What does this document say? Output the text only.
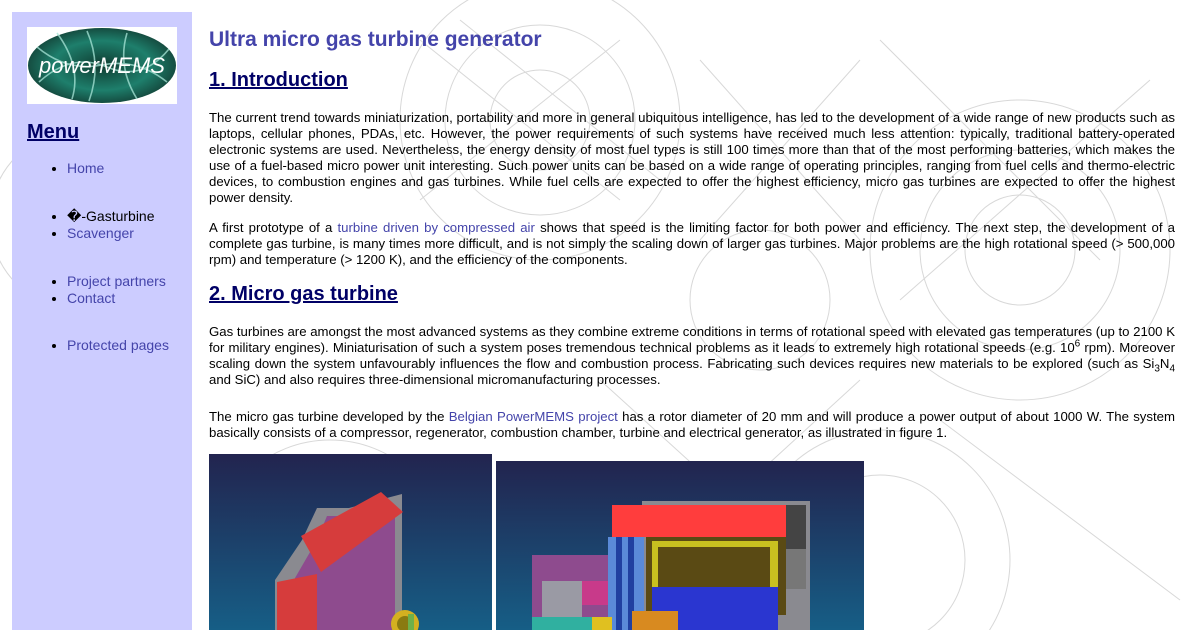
powerMEMS
Menu
• Home
• �-Gasturbine
• Scavenger
• Project partners
• Contact
• Protected pages
Ultra micro gas turbine generator
1. Introduction

The current trend towards miniaturization, portability and more in general ubiquitous intelligence, has led to the development of a wide range of new products such as laptops, cellular phones, PDAs, etc. However, the power requirements of such systems have received much less attention: typically, traditional battery-operated electronic systems are used. Nevertheless, the energy density of most fuel types is still 100 times more than that of the most performing batteries, which makes the use of a fuel-based micro power unit interesting. Such power units can be based on a wide range of operating principles, ranging from fuel cells and thermo-electric devices, to combustion engines and gas turbines. While fuel cells are expected to offer the highest efficiency, micro gas turbines are expected to offer the highest power density.

A first prototype of a turbine driven by compressed air shows that speed is the limiting factor for both power and efficiency. The next step, the development of a complete gas turbine, is many times more difficult, and is not simply the scaling down of larger gas turbines. Major problems are the high rotational speed (> 500,000 rpm) and temperature (> 1200 K), and the efficiency of the components.

2. Micro gas turbine

Gas turbines are amongst the most advanced systems as they combine extreme conditions in terms of rotational speed with elevated gas temperatures (up to 2100 K for military engines). Miniaturisation of such a system poses tremendous technical problems as it leads to extremely high rotational speeds (e.g. $10^6$ rpm). Moreover scaling down the system unfavourably influences the flow and combustion process. Fabricating such devices requires new materials to be explored (such as $Si_3N_4$ and SiC) and also requires three-dimensional micromanufacturing processes.

The micro gas turbine developed by the Belgian PowerMEMS project has a rotor diameter of 20 mm and will produce a power output of about 1000 W. The system basically consists of a compressor, regenerator, combustion chamber, turbine and electrical generator, as illustrated in figure 1.
